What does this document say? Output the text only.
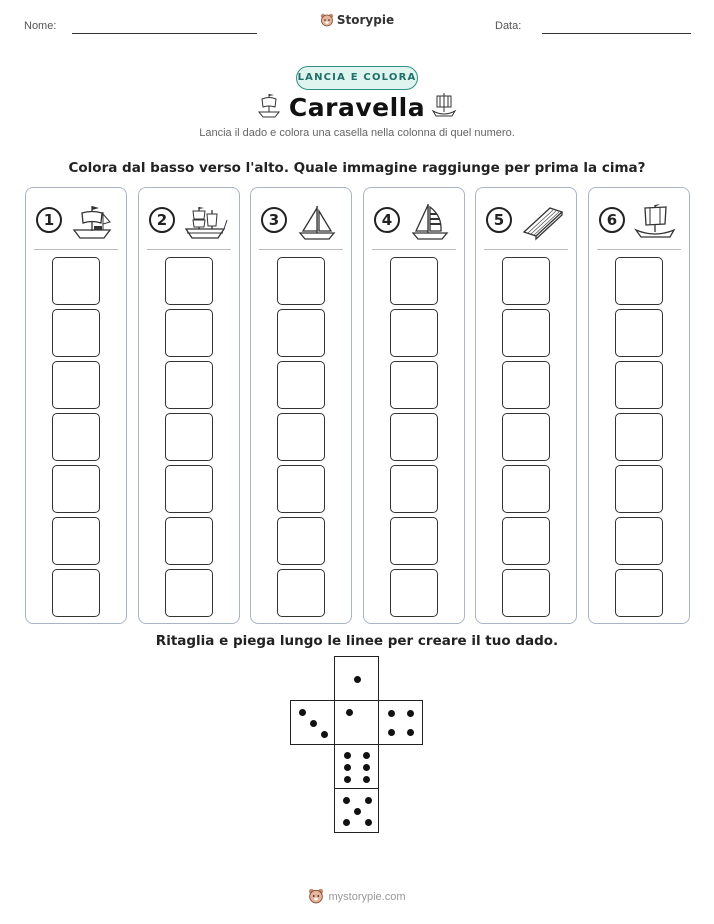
Nome:	Storypie	Data:
LANCIA E COLORA
Caravella
Lancia il dado e colora una casella nella colonna di quel numero.
Colora dal basso verso l'alto. Quale immagine raggiunge per prima la cima?
1	2	3	4	5	6
Ritaglia e piega lungo le linee per creare il tuo dado.
mystorypie.com
